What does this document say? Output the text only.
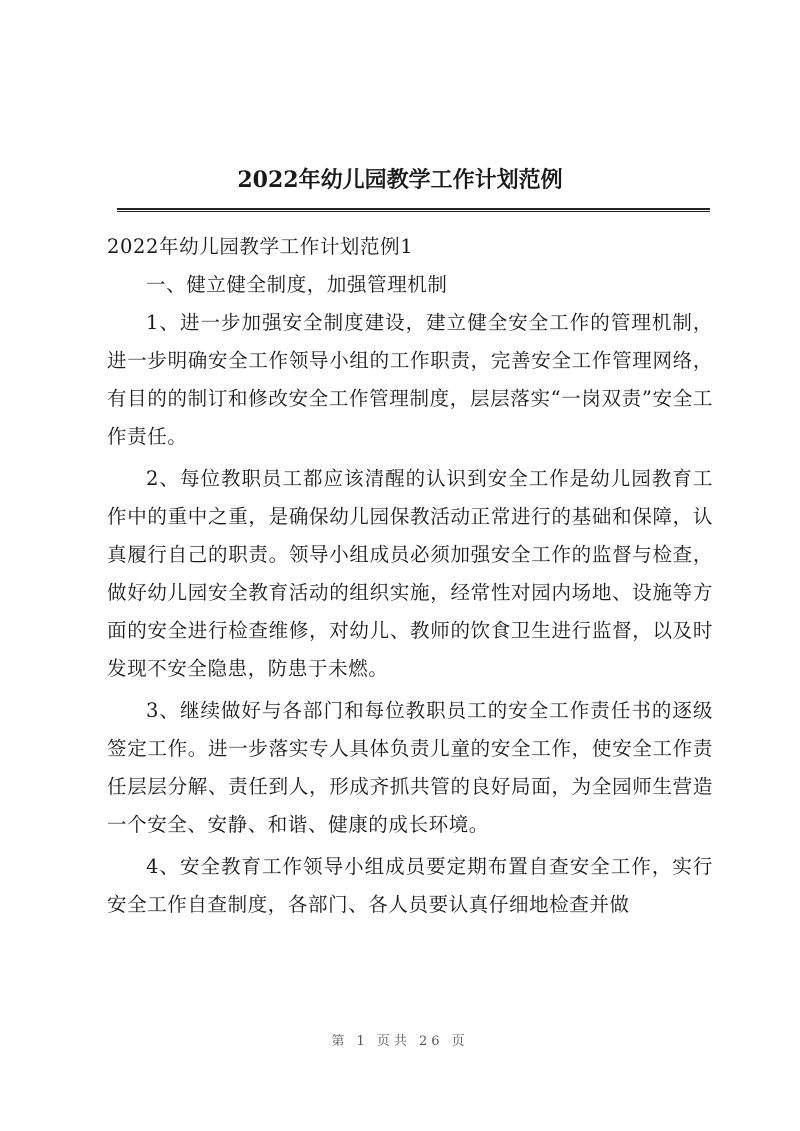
2022年幼儿园教学工作计划范例

2022年幼儿园教学工作计划范例1

一、健立健全制度，加强管理机制

1、进一步加强安全制度建设，建立健全安全工作的管理机制，进一步明确安全工作领导小组的工作职责，完善安全工作管理网络，有目的的制订和修改安全工作管理制度，层层落实“一岗双责”安全工作责任。

2、每位教职员工都应该清醒的认识到安全工作是幼儿园教育工作中的重中之重，是确保幼儿园保教活动正常进行的基础和保障，认真履行自己的职责。领导小组成员必须加强安全工作的监督与检查，做好幼儿园安全教育活动的组织实施，经常性对园内场地、设施等方面的安全进行检查维修，对幼儿、教师的饮食卫生进行监督，以及时发现不安全隐患，防患于未燃。

3、继续做好与各部门和每位教职员工的安全工作责任书的逐级签定工作。进一步落实专人具体负责儿童的安全工作，使安全工作责任层层分解、责任到人，形成齐抓共管的良好局面，为全园师生营造一个安全、安静、和谐、健康的成长环境。

4、安全教育工作领导小组成员要定期布置自查安全工作，实行安全工作自查制度，各部门、各人员要认真仔细地检查并做

第 1 页共 26 页
